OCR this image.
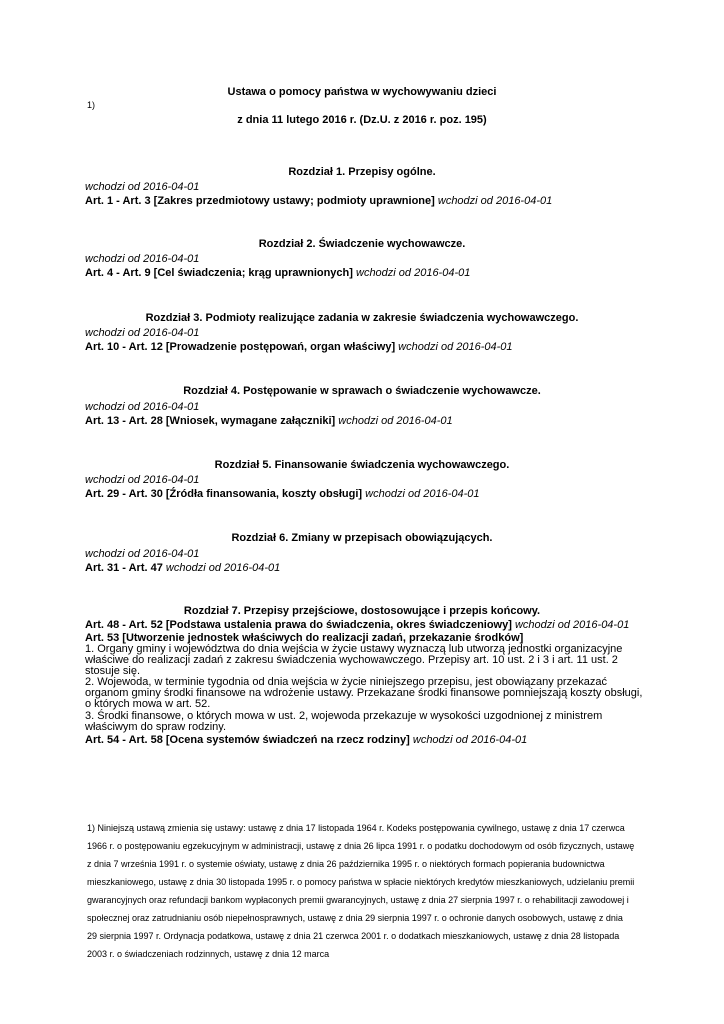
Ustawa o pomocy państwa w wychowywaniu dzieci
1)
z dnia 11 lutego 2016 r. (Dz.U. z 2016 r. poz. 195)
Rozdział 1. Przepisy ogólne.
wchodzi od 2016-04-01
Art. 1 - Art. 3 [Zakres przedmiotowy ustawy; podmioty uprawnione] wchodzi od 2016-04-01
Rozdział 2. Świadczenie wychowawcze.
wchodzi od 2016-04-01
Art. 4 - Art. 9 [Cel świadczenia; krąg uprawnionych] wchodzi od 2016-04-01
Rozdział 3. Podmioty realizujące zadania w zakresie świadczenia wychowawczego.
wchodzi od 2016-04-01
Art. 10 - Art. 12 [Prowadzenie postępowań, organ właściwy] wchodzi od 2016-04-01
Rozdział 4. Postępowanie w sprawach o świadczenie wychowawcze.
wchodzi od 2016-04-01
Art. 13 - Art. 28 [Wniosek, wymagane załączniki] wchodzi od 2016-04-01
Rozdział 5. Finansowanie świadczenia wychowawczego.
wchodzi od 2016-04-01
Art. 29 - Art. 30 [Źródła finansowania, koszty obsługi] wchodzi od 2016-04-01
Rozdział 6. Zmiany w przepisach obowiązujących.
wchodzi od 2016-04-01
Art. 31 - Art. 47 wchodzi od 2016-04-01
Rozdział 7. Przepisy przejściowe, dostosowujące i przepis końcowy.
Art. 48 - Art. 52 [Podstawa ustalenia prawa do świadczenia, okres świadczeniowy] wchodzi od 2016-04-01
Art. 53 [Utworzenie jednostek właściwych do realizacji zadań, przekazanie środków]
1. Organy gminy i województwa do dnia wejścia w życie ustawy wyznaczą lub utworzą jednostki organizacyjne właściwe do realizacji zadań z zakresu świadczenia wychowawczego. Przepisy art. 10 ust. 2 i 3 i art. 11 ust. 2 stosuje się.
2. Wojewoda, w terminie tygodnia od dnia wejścia w życie niniejszego przepisu, jest obowiązany przekazać organom gminy środki finansowe na wdrożenie ustawy. Przekazane środki finansowe pomniejszają koszty obsługi, o których mowa w art. 52.
3. Środki finansowe, o których mowa w ust. 2, wojewoda przekazuje w wysokości uzgodnionej z ministrem właściwym do spraw rodziny.
Art. 54 - Art. 58 [Ocena systemów świadczeń na rzecz rodziny] wchodzi od 2016-04-01
1) Niniejszą ustawą zmienia się ustawy: ustawę z dnia 17 listopada 1964 r. Kodeks postępowania cywilnego, ustawę z dnia 17 czerwca 1966 r. o postępowaniu egzekucyjnym w administracji, ustawę z dnia 26 lipca 1991 r. o podatku dochodowym od osób fizycznych, ustawę z dnia 7 września 1991 r. o systemie oświaty, ustawę z dnia 26 października 1995 r. o niektórych formach popierania budownictwa mieszkaniowego, ustawę z dnia 30 listopada 1995 r. o pomocy państwa w spłacie niektórych kredytów mieszkaniowych, udzielaniu premii gwarancyjnych oraz refundacji bankom wypłaconych premii gwarancyjnych, ustawę z dnia 27 sierpnia 1997 r. o rehabilitacji zawodowej i społecznej oraz zatrudnianiu osób niepełnosprawnych, ustawę z dnia 29 sierpnia 1997 r. o ochronie danych osobowych, ustawę z dnia 29 sierpnia 1997 r. Ordynacja podatkowa, ustawę z dnia 21 czerwca 2001 r. o dodatkach mieszkaniowych, ustawę z dnia 28 listopada 2003 r. o świadczeniach rodzinnych, ustawę z dnia 12 marca
